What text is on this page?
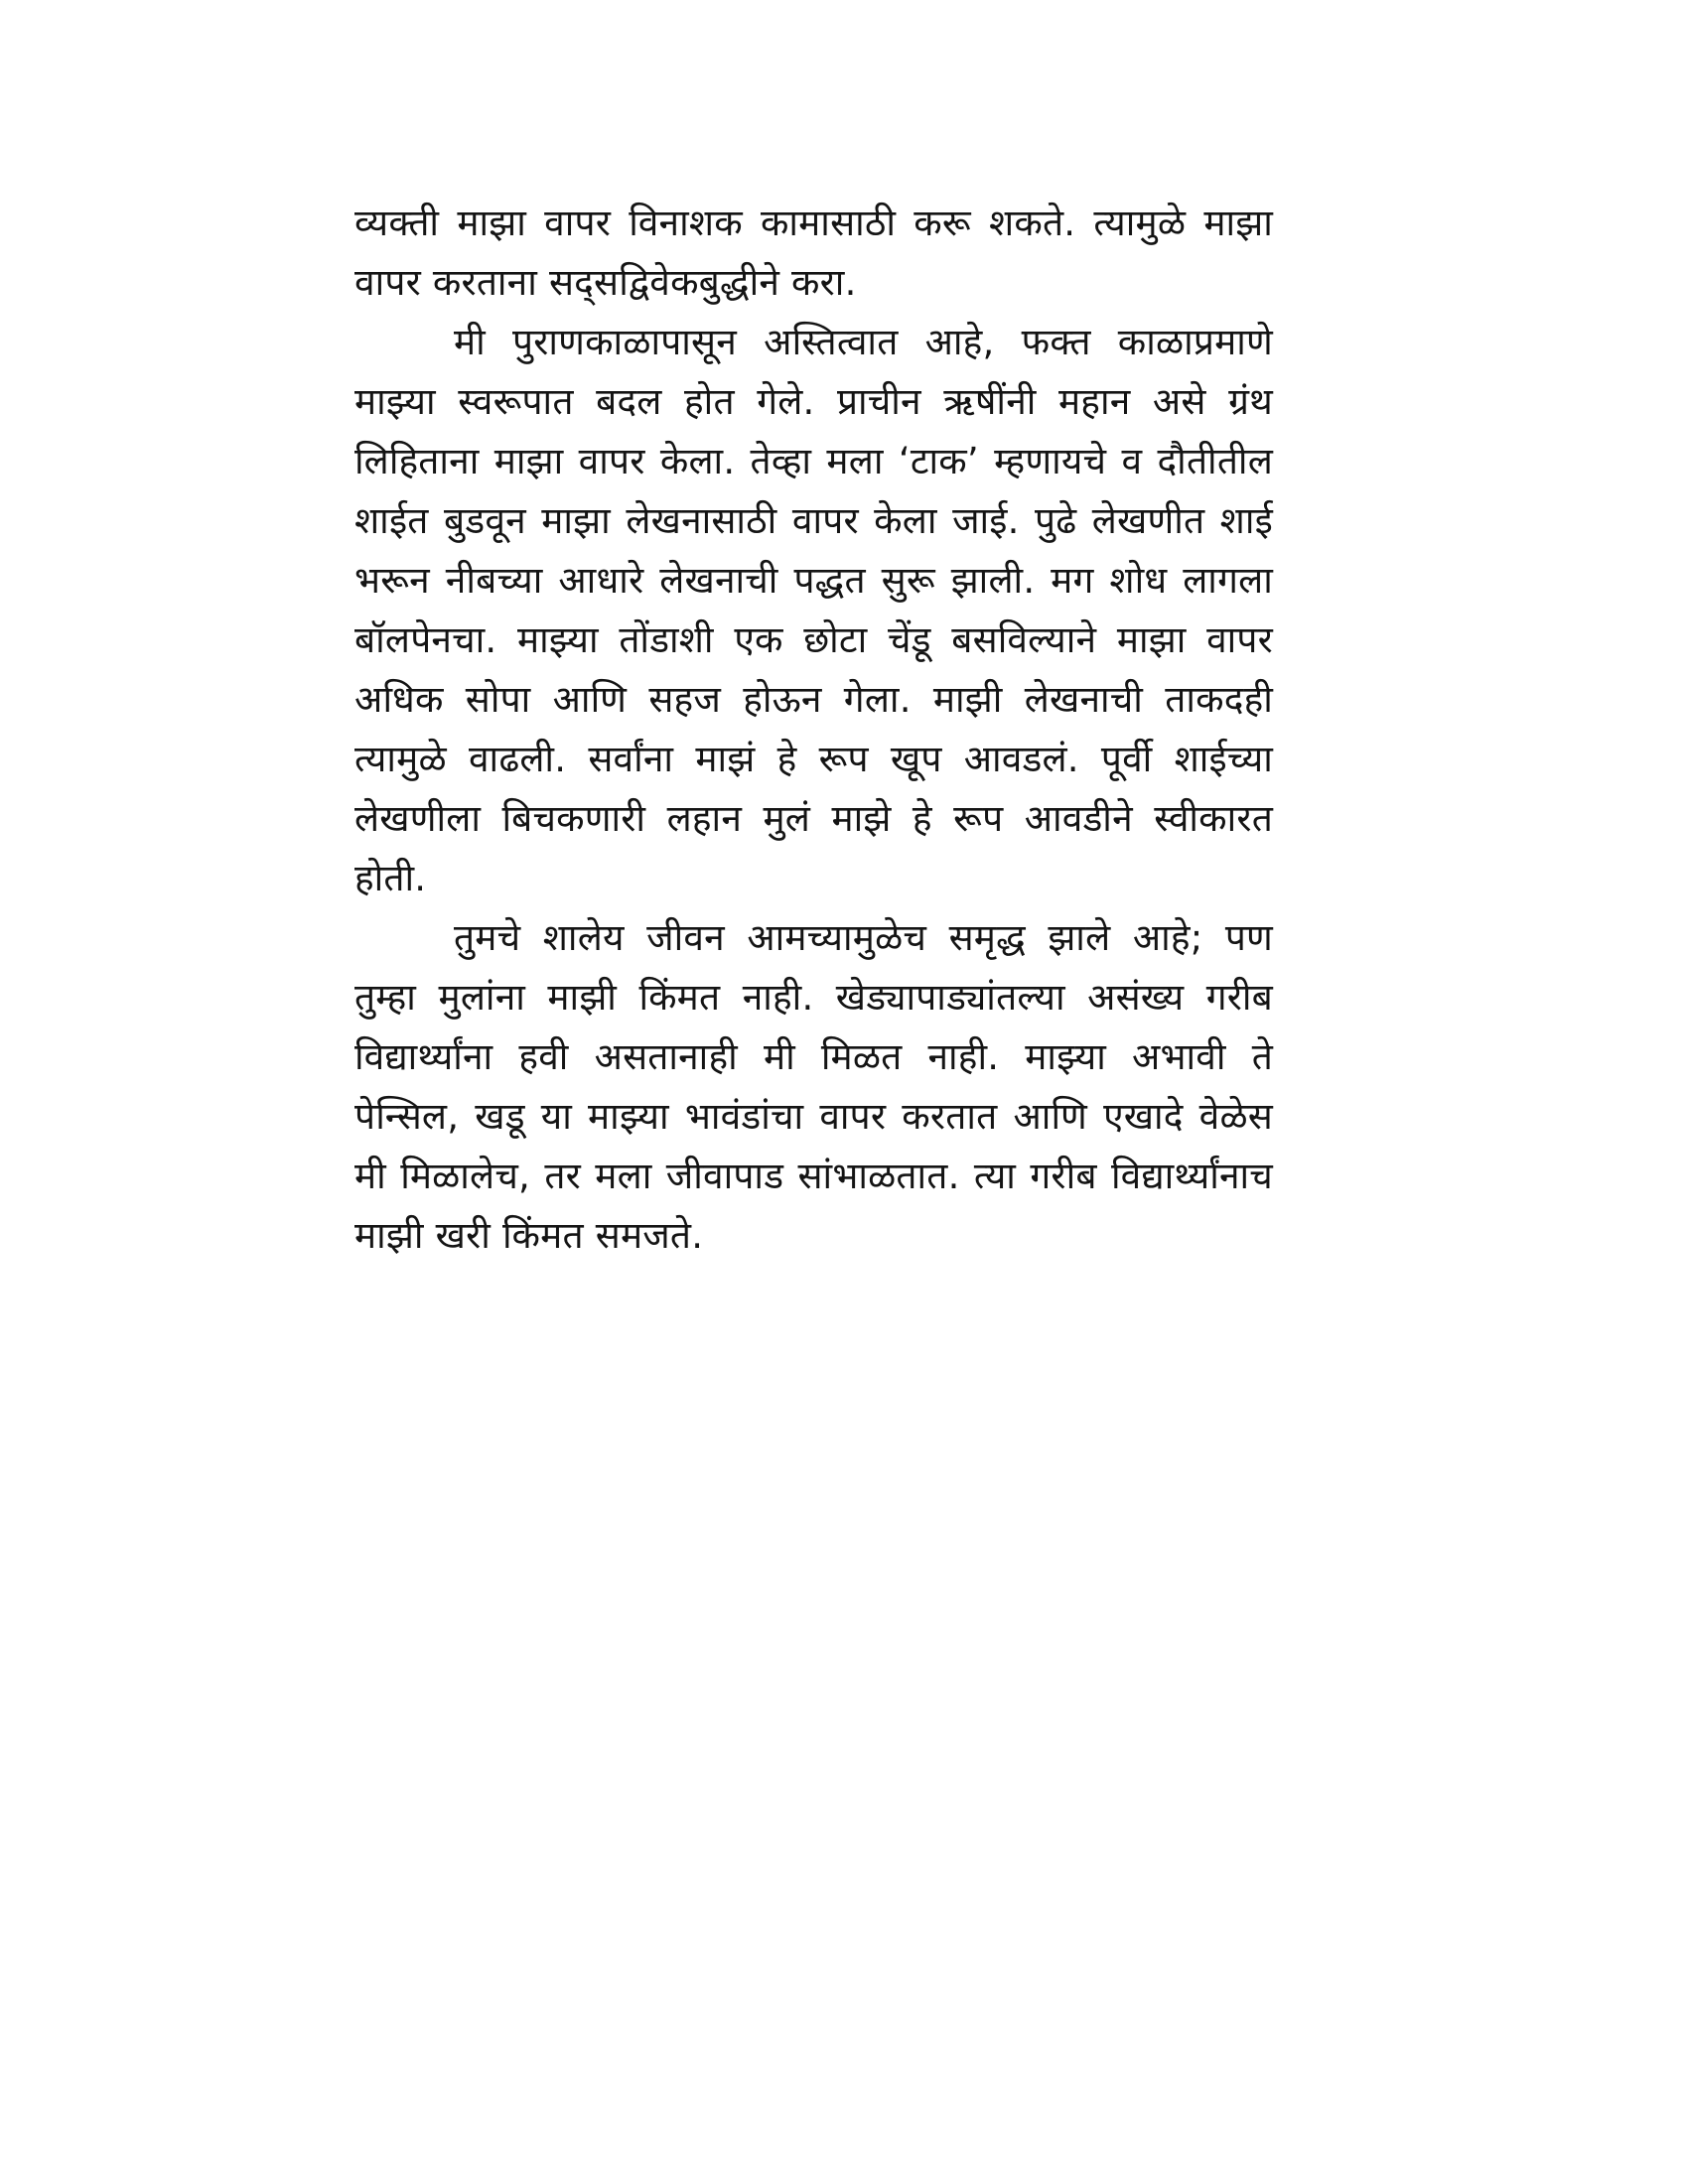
व्यक्ती माझा वापर विनाशक कामासाठी करू शकते. त्यामुळे माझा वापर करताना सद्सद्विवेकबुद्धीने करा.

मी पुराणकाळापासून अस्तित्वात आहे, फक्त काळाप्रमाणे माझ्या स्वरूपात बदल होत गेले. प्राचीन ऋषींनी महान असे ग्रंथ लिहिताना माझा वापर केला. तेव्हा मला ‘टाक’ म्हणायचे व दौतीतील शाईत बुडवून माझा लेखनासाठी वापर केला जाई. पुढे लेखणीत शाई भरून नीबच्या आधारे लेखनाची पद्धत सुरू झाली. मग शोध लागला बॉलपेनचा. माझ्या तोंडाशी एक छोटा चेंडू बसविल्याने माझा वापर अधिक सोपा आणि सहज होऊन गेला. माझी लेखनाची ताकदही त्यामुळे वाढली. सर्वांना माझं हे रूप खूप आवडलं. पूर्वी शाईच्या लेखणीला बिचकणारी लहान मुलं माझे हे रूप आवडीने स्वीकारत होती.

तुमचे शालेय जीवन आमच्यामुळेच समृद्ध झाले आहे; पण तुम्हा मुलांना माझी किंमत नाही. खेड्यापाड्यांतल्या असंख्य गरीब विद्यार्थ्यांना हवी असतानाही मी मिळत नाही. माझ्या अभावी ते पेन्सिल, खडू या माझ्या भावंडांचा वापर करतात आणि एखादे वेळेस मी मिळालेच, तर मला जीवापाड सांभाळतात. त्या गरीब विद्यार्थ्यांनाच माझी खरी किंमत समजते.
